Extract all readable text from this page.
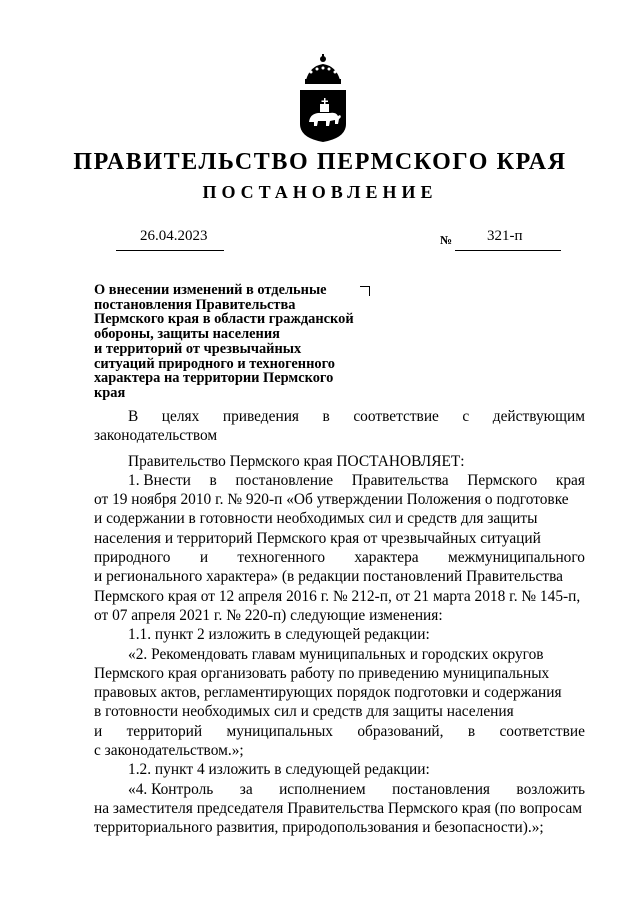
ПРАВИТЕЛЬСТВО ПЕРМСКОГО КРАЯ
ПОСТАНОВЛЕНИЕ
26.04.2023	№ 321-п
О внесении изменений в отдельные
постановления Правительства
Пермского края в области гражданской
обороны, защиты населения
и территорий от чрезвычайных
ситуаций природного и техногенного
характера на территории Пермского
края
В целях приведения в соответствие с действующим
законодательством
Правительство Пермского края ПОСТАНОВЛЯЕТ:
1. Внести в постановление Правительства Пермского края
от 19 ноября 2010 г. № 920-п «Об утверждении Положения о подготовке
и содержании в готовности необходимых сил и средств для защиты
населения и территорий Пермского края от чрезвычайных ситуаций
природного и техногенного характера межмуниципального
и регионального характера» (в редакции постановлений Правительства
Пермского края от 12 апреля 2016 г. № 212-п, от 21 марта 2018 г. № 145-п,
от 07 апреля 2021 г. № 220-п) следующие изменения:
1.1. пункт 2 изложить в следующей редакции:
«2. Рекомендовать главам муниципальных и городских округов
Пермского края организовать работу по приведению муниципальных
правовых актов, регламентирующих порядок подготовки и содержания
в готовности необходимых сил и средств для защиты населения
и территорий муниципальных образований, в соответствие
с законодательством.»;
1.2. пункт 4 изложить в следующей редакции:
«4. Контроль за исполнением постановления возложить
на заместителя председателя Правительства Пермского края (по вопросам
территориального развития, природопользования и безопасности).»;
